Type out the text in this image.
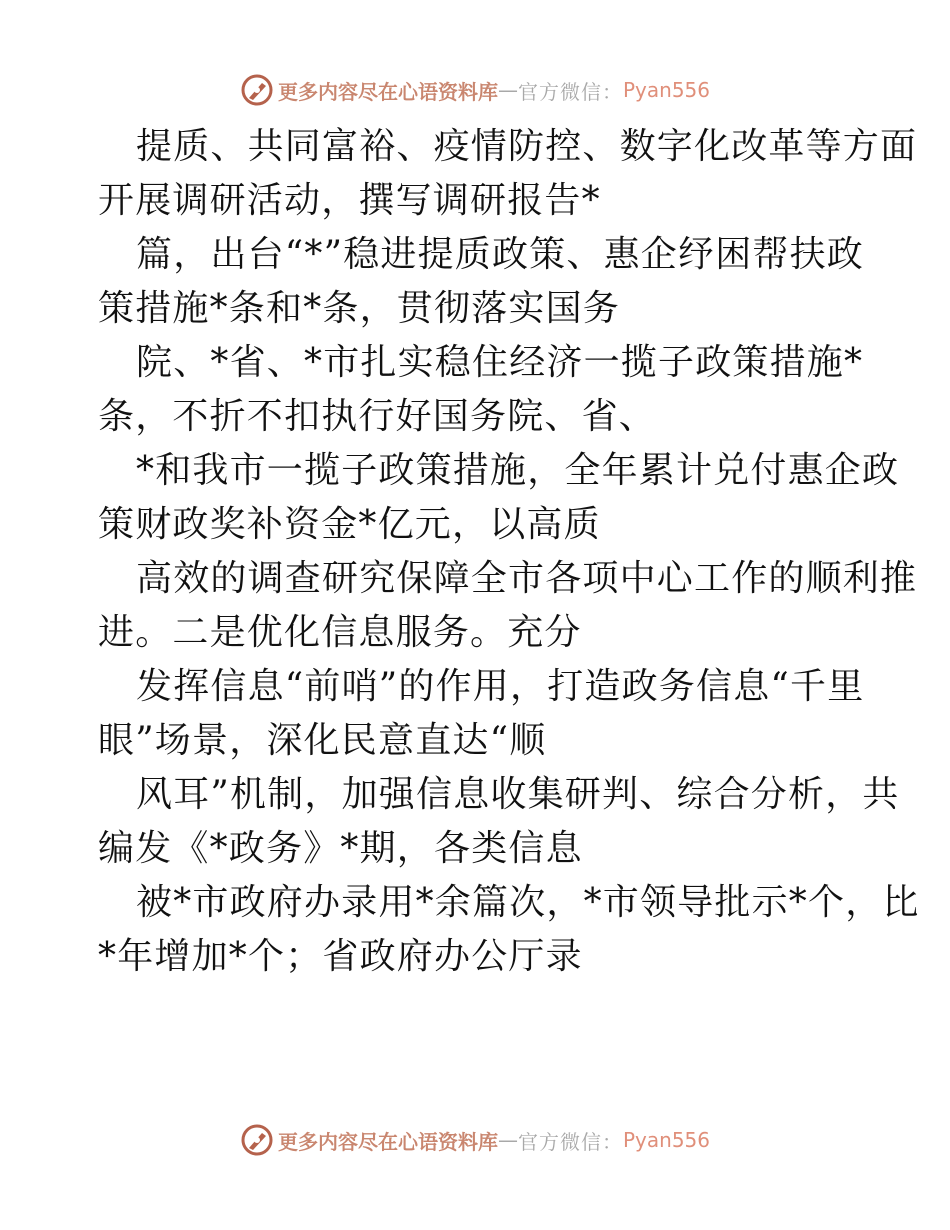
更多内容尽在心语资料库 — 官方微信： Pyan556
提质、共同富裕、疫情防控、数字化改革等方面
开展调研活动，撰写调研报告*
篇，出台“*”稳进提质政策、惠企纾困帮扶政
策措施*条和*条，贯彻落实国务
院、*省、*市扎实稳住经济一揽子政策措施*
条，不折不扣执行好国务院、省、
*和我市一揽子政策措施，全年累计兑付惠企政
策财政奖补资金*亿元，以高质
高效的调查研究保障全市各项中心工作的顺利推
进。二是优化信息服务。充分
发挥信息“前哨”的作用，打造政务信息“千里
眼”场景，深化民意直达“顺
风耳”机制，加强信息收集研判、综合分析，共
编发《*政务》*期，各类信息
被*市政府办录用*余篇次，*市领导批示*个，比
*年增加*个；省政府办公厅录
更多内容尽在心语资料库 — 官方微信： Pyan556
